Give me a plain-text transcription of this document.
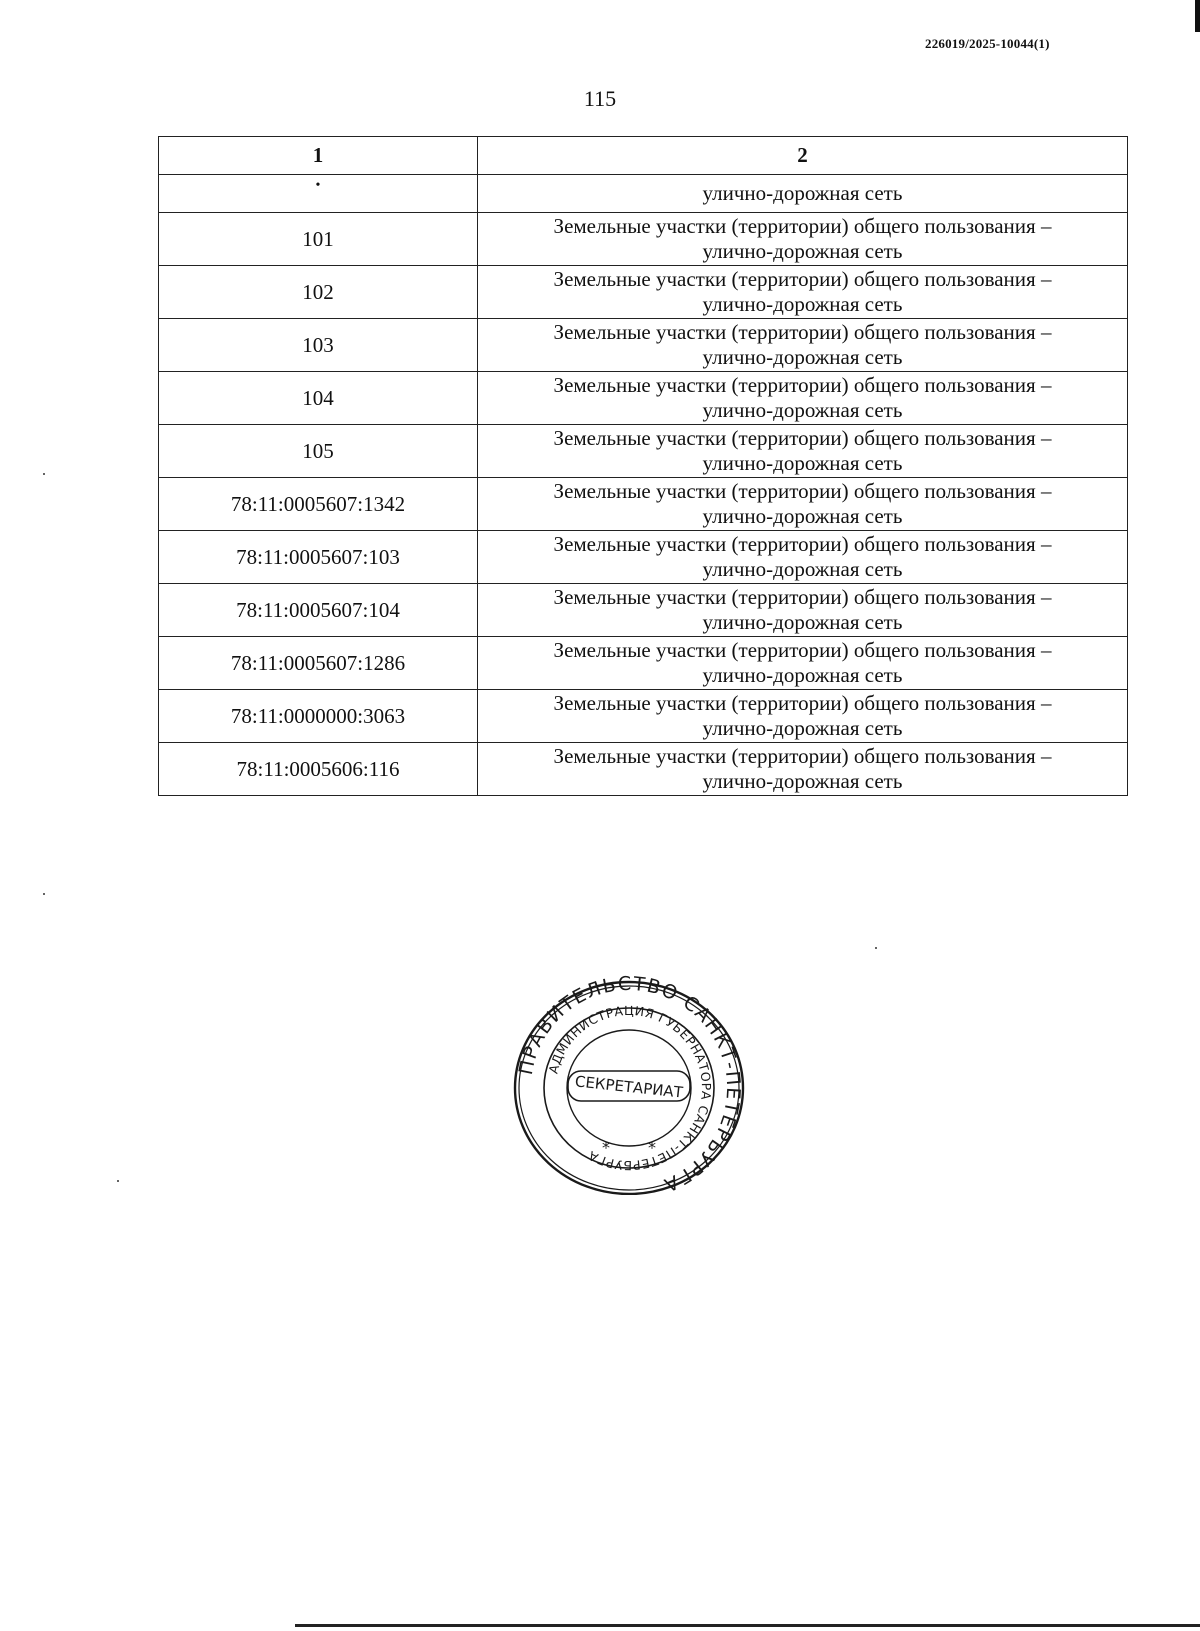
226019/2025-10044(1)
115
1	2
•	улично-дорожная сеть
101	Земельные участки (территории) общего пользования –
улично-дорожная сеть

102	Земельные участки (территории) общего пользования –
улично-дорожная сеть

103	Земельные участки (территории) общего пользования –
улично-дорожная сеть

104	Земельные участки (территории) общего пользования –
улично-дорожная сеть

105	Земельные участки (территории) общего пользования –
улично-дорожная сеть

78:11:0005607:1342	Земельные участки (территории) общего пользования –
улично-дорожная сеть

78:11:0005607:103	Земельные участки (территории) общего пользования –
улично-дорожная сеть

78:11:0005607:104	Земельные участки (территории) общего пользования –
улично-дорожная сеть

78:11:0005607:1286	Земельные участки (территории) общего пользования –
улично-дорожная сеть

78:11:0000000:3063	Земельные участки (территории) общего пользования –
улично-дорожная сеть

78:11:0005606:116	Земельные участки (территории) общего пользования –
улично-дорожная сеть
ПРАВИТЕЛЬСТВО САНКТ-ПЕТЕРБУРГА
АДМИНИСТРАЦИЯ ГУБЕРНАТОРА САНКТ-ПЕТЕРБУРГА
СЕКРЕТАРИАТ
* *
